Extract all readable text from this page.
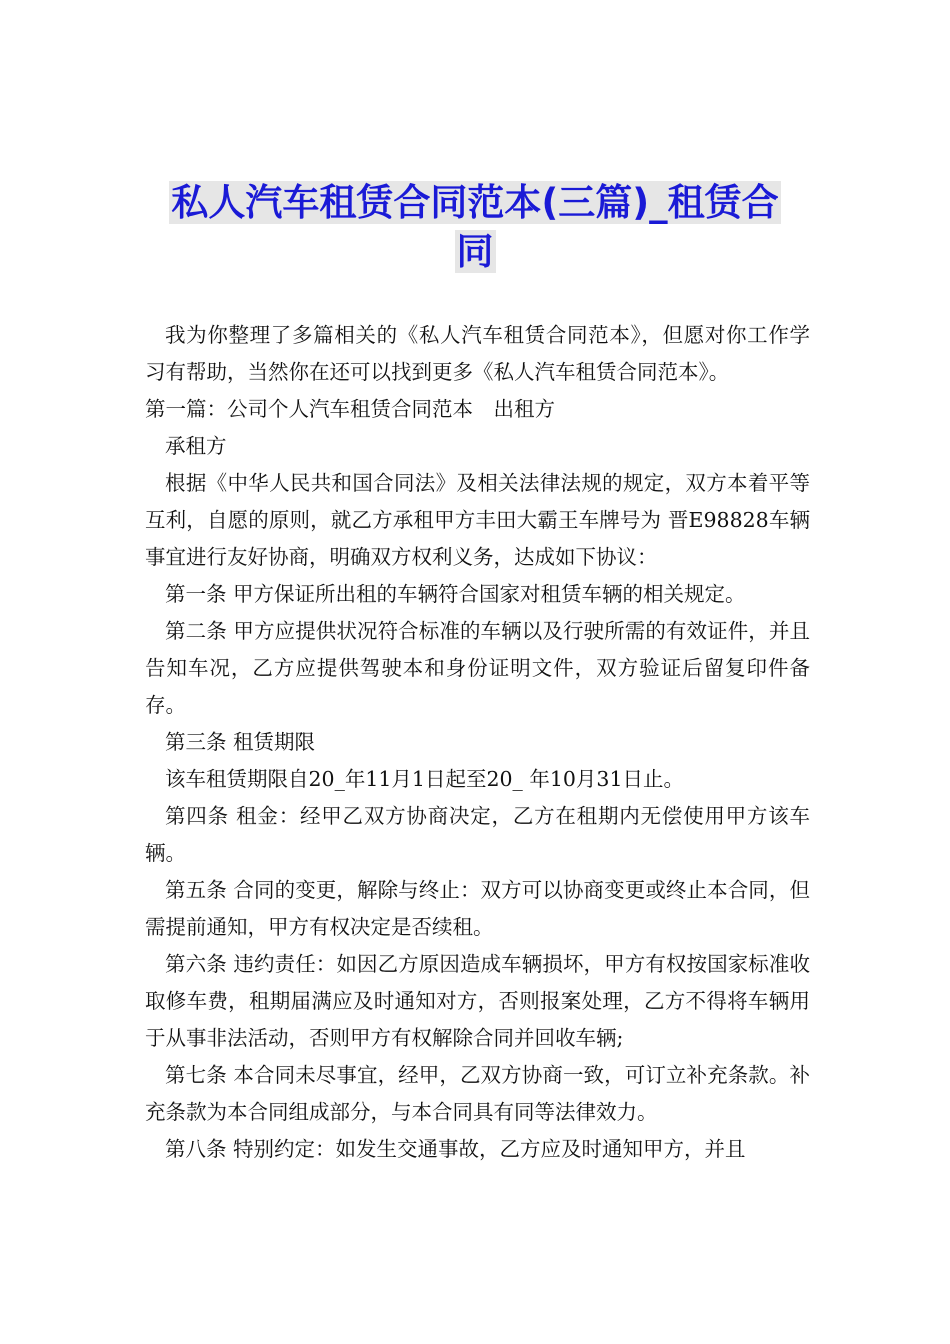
私人汽车租赁合同范本(三篇)_租赁合
同

我为你整理了多篇相关的《私人汽车租赁合同范本》，但愿对你工作学习有帮助，当然你在还可以找到更多《私人汽车租赁合同范本》。

第一篇：公司个人汽车租赁合同范本　出租方

承租方

根据《中华人民共和国合同法》及相关法律法规的规定，双方本着平等互利，自愿的原则，就乙方承租甲方丰田大霸王车牌号为 晋E98828车辆事宜进行友好协商，明确双方权利义务，达成如下协议：

第一条 甲方保证所出租的车辆符合国家对租赁车辆的相关规定。

第二条 甲方应提供状况符合标准的车辆以及行驶所需的有效证件，并且告知车况，乙方应提供驾驶本和身份证明文件，双方验证后留复印件备存。

第三条 租赁期限

该车租赁期限自20_年11月1日起至20_ 年10月31日止。

第四条 租金：经甲乙双方协商决定，乙方在租期内无偿使用甲方该车辆。

第五条 合同的变更，解除与终止：双方可以协商变更或终止本合同，但需提前通知，甲方有权决定是否续租。

第六条 违约责任：如因乙方原因造成车辆损坏，甲方有权按国家标准收取修车费，租期届满应及时通知对方，否则报案处理，乙方不得将车辆用于从事非法活动，否则甲方有权解除合同并回收车辆;

第七条 本合同未尽事宜，经甲，乙双方协商一致，可订立补充条款。补充条款为本合同组成部分，与本合同具有同等法律效力。

第八条 特别约定：如发生交通事故，乙方应及时通知甲方，并且
